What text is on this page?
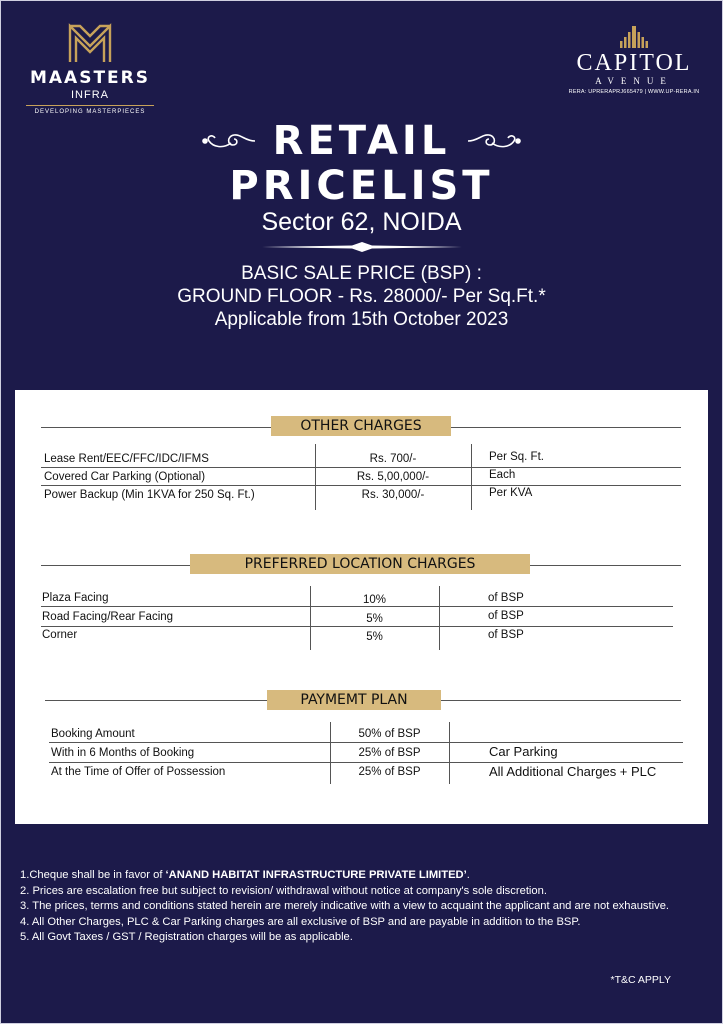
MAASTERS
INFRA
DEVELOPING MASTERPIECES
CAPITOL
AVENUE
RERA: UPRERAPRJ665479 | WWW.UP-RERA.IN
RETAIL
PRICELIST
Sector 62, NOIDA
BASIC SALE PRICE (BSP) :
GROUND FLOOR - Rs. 28000/- Per Sq.Ft.*
Applicable from 15th October 2023
OTHER CHARGES
Lease Rent/EEC/FFC/IDC/IFMS	Rs. 700/-	Per Sq. Ft.
Covered Car Parking (Optional)	Rs. 5,00,000/-	Each
Power Backup (Min 1KVA for 250 Sq. Ft.)	Rs. 30,000/-	Per KVA
PREFERRED LOCATION CHARGES
Plaza Facing	10%	of BSP
Road Facing/Rear Facing	5%	of BSP
Corner	5%	of BSP
PAYMEMT PLAN
Booking Amount	50% of BSP
With in 6 Months of Booking	25% of BSP	Car Parking
At the Time of Offer of Possession	25% of BSP	All Additional Charges + PLC

1.Cheque shall be in favor of ‘ANAND HABITAT INFRASTRUCTURE PRIVATE LIMITED’.

2. Prices are escalation free but subject to revision/ withdrawal without notice at company's sole discretion.

3. The prices, terms and conditions stated herein are merely indicative with a view to acquaint the applicant and are not exhaustive.

4. All Other Charges, PLC & Car Parking charges are all exclusive of BSP and are payable in addition to the BSP.

5. All Govt Taxes / GST / Registration charges will be as applicable.

*T&C APPLY
